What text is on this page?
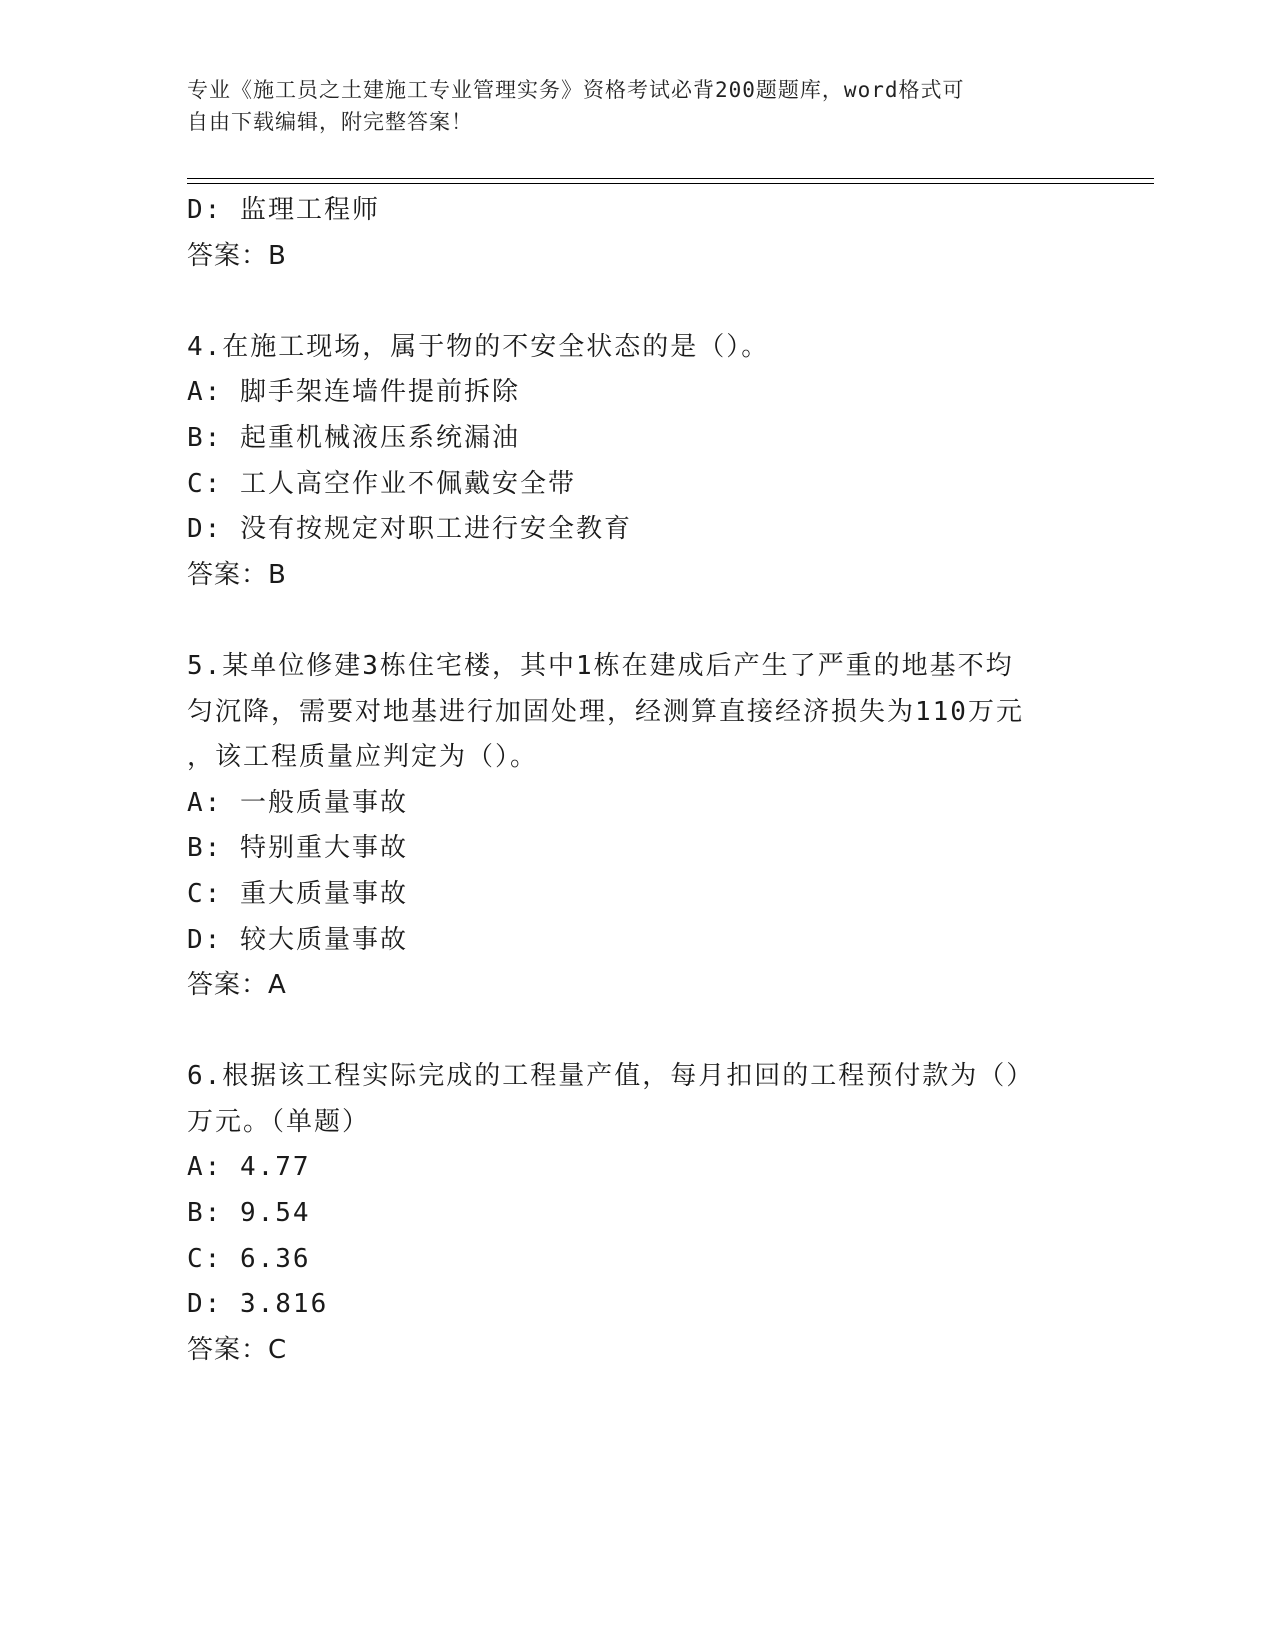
专业《施工员之土建施工专业管理实务》资格考试必背200题题库，word格式可
自由下载编辑，附完整答案！
D: 监理工程师
答案：B
4.在施工现场，属于物的不安全状态的是（）。
A: 脚手架连墙件提前拆除
B: 起重机械液压系统漏油
C: 工人高空作业不佩戴安全带
D: 没有按规定对职工进行安全教育
答案：B
5.某单位修建3栋住宅楼，其中1栋在建成后产生了严重的地基不均
匀沉降，需要对地基进行加固处理，经测算直接经济损失为110万元
，该工程质量应判定为（）。
A: 一般质量事故
B: 特别重大事故
C: 重大质量事故
D: 较大质量事故
答案：A
6.根据该工程实际完成的工程量产值，每月扣回的工程预付款为（）
万元。（单题）
A: 4.77
B: 9.54
C: 6.36
D: 3.816
答案：C
